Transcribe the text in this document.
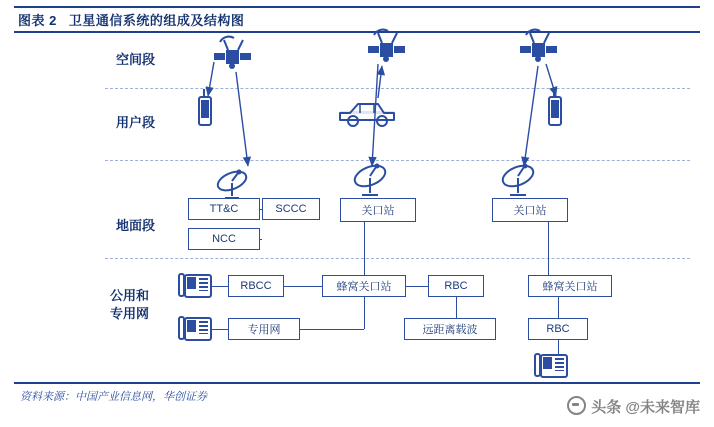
图表 2 卫星通信系统的组成及结构图
资料来源：中国产业信息网，华创证券
头条 @未来智库
空间段
用户段
地面段
公用和
专用网
TT&C	SCCC
NCC
关口站	关口站
RBCC	蜂窝关口站	RBC	蜂窝关口站
专用网	远距离载波	RBC
